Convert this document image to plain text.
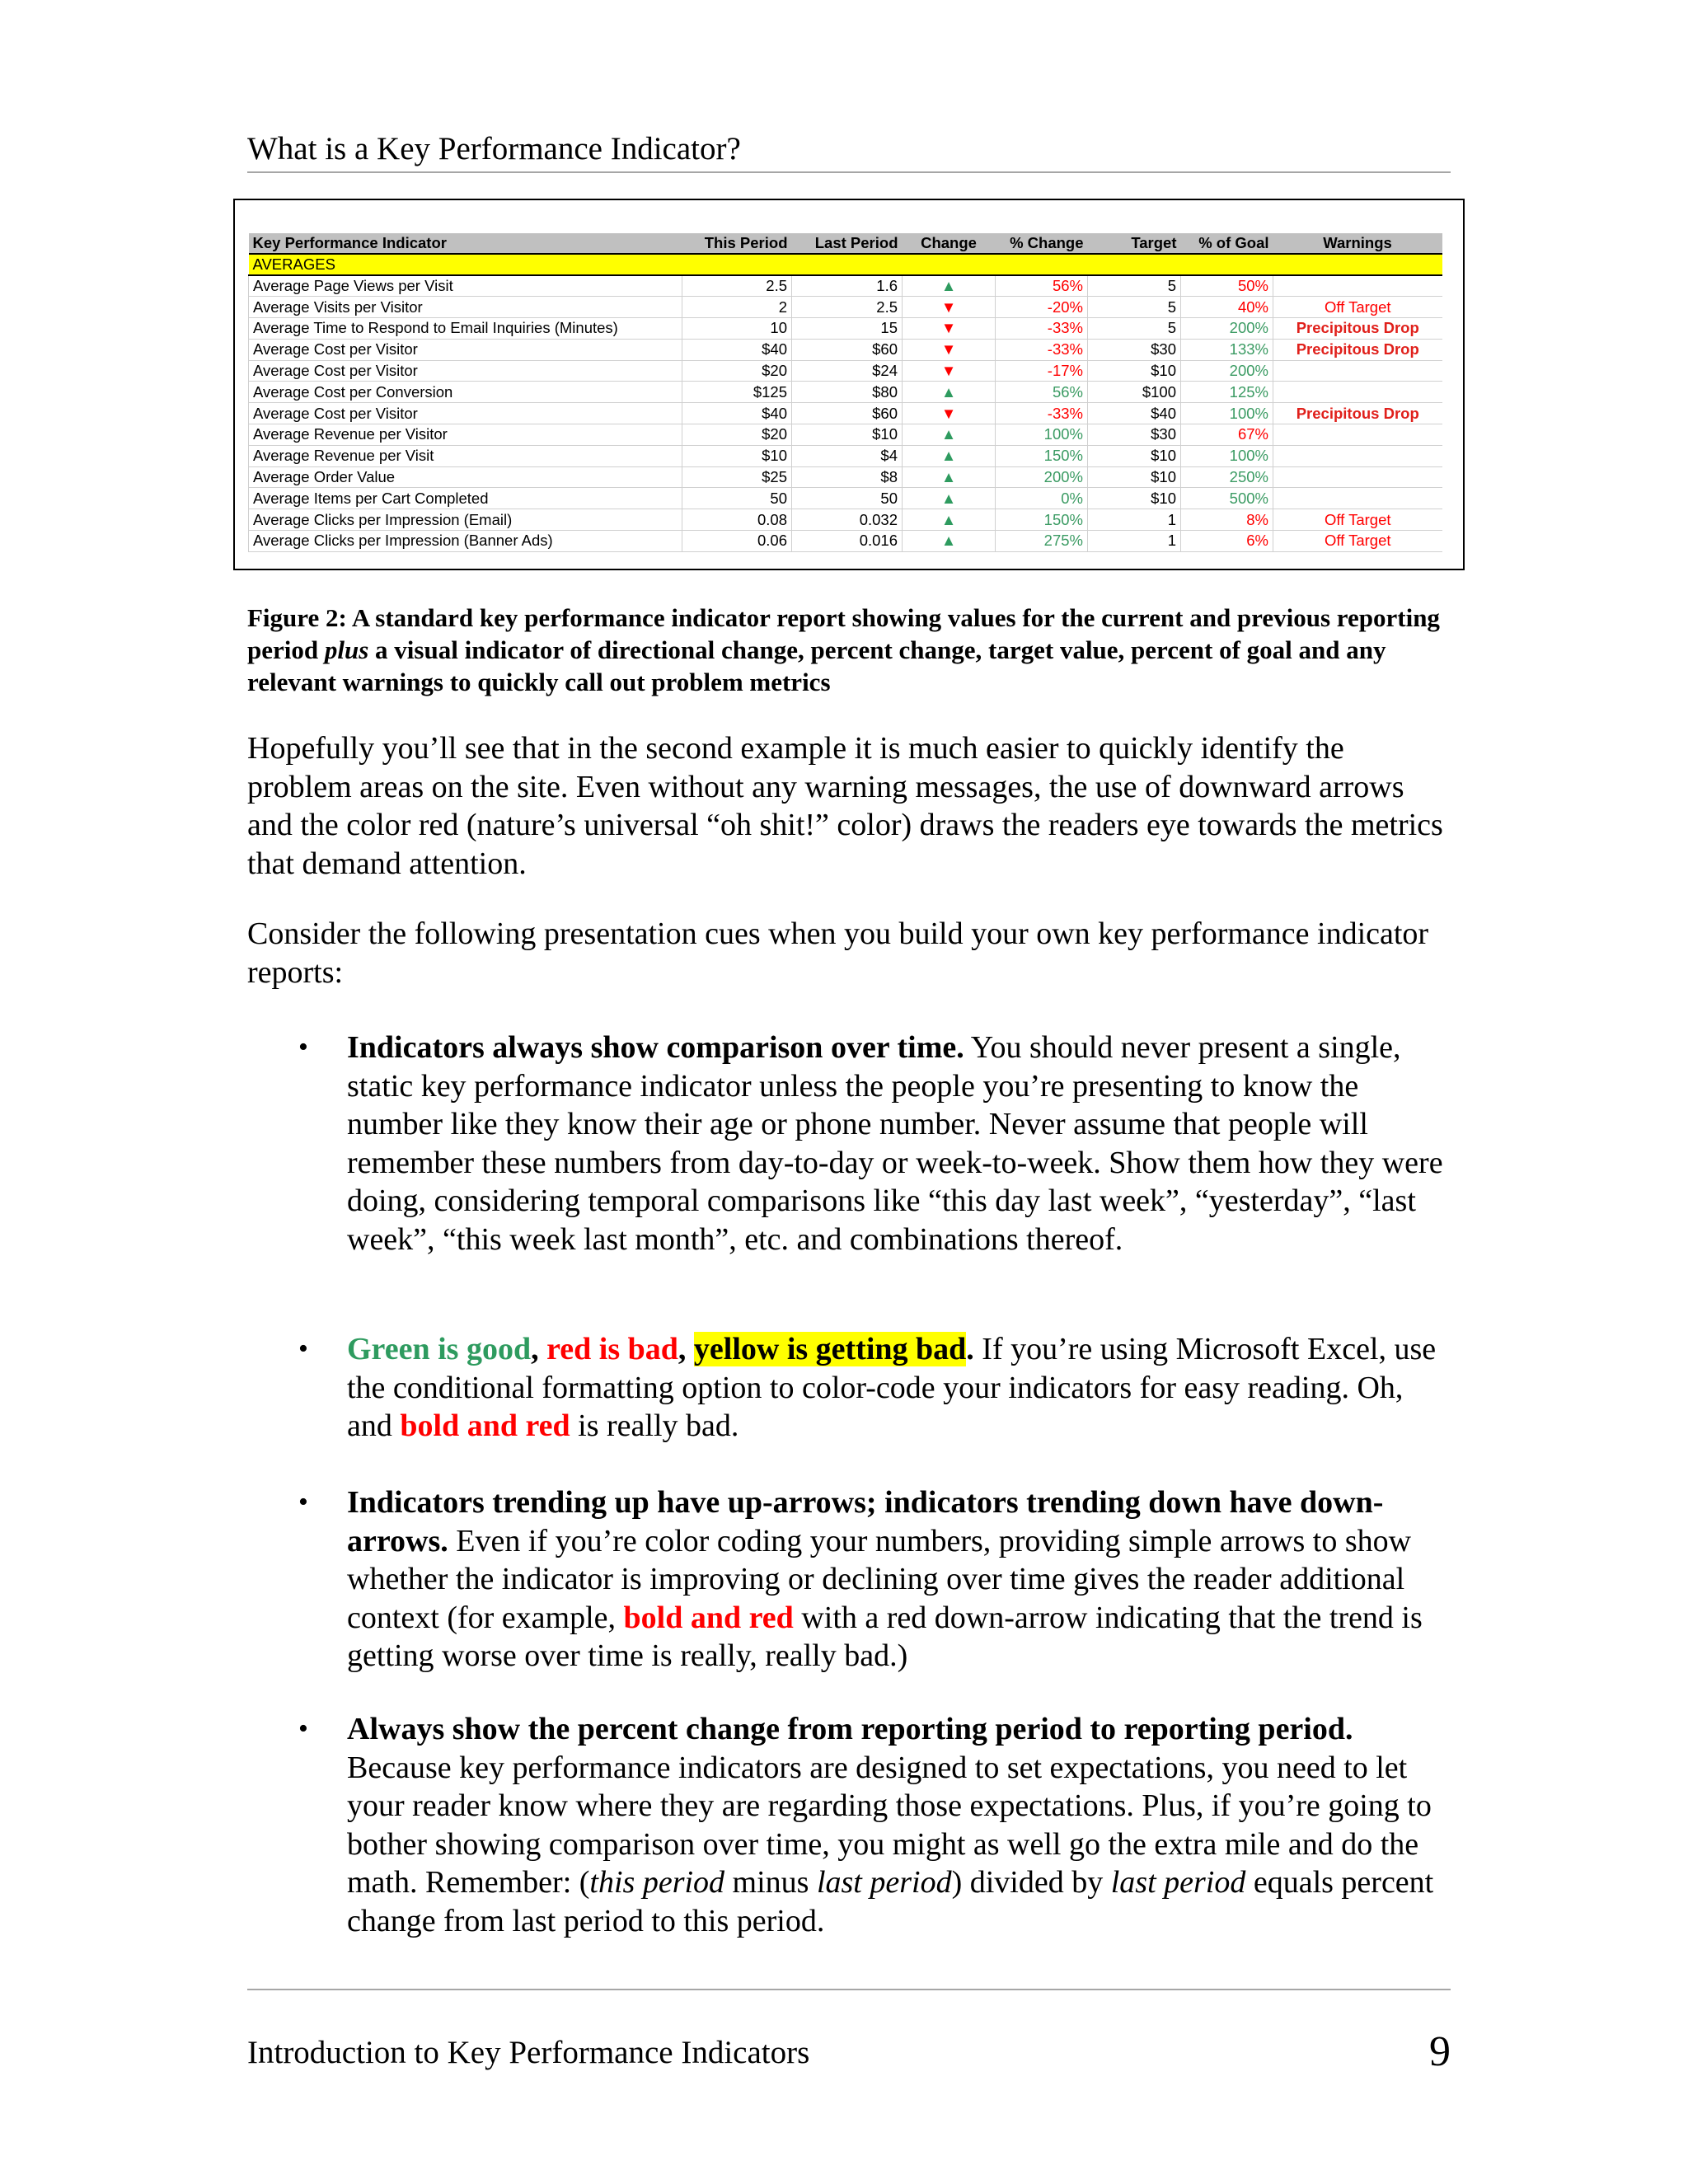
What is a Key Performance Indicator?
Key Performance Indicator	This Period	Last Period	Change	% Change	Target	% of Goal	Warnings
AVERAGES							
Average Page Views per Visit	2.5	1.6	▲	56%	5	50%	
Average Visits per Visitor	2	2.5	▼	-20%	5	40%	Off Target
Average Time to Respond to Email Inquiries (Minutes)	10	15	▼	-33%	5	200%	Precipitous Drop
Average Cost per Visitor	$40	$60	▼	-33%	$30	133%	Precipitous Drop
Average Cost per Visitor	$20	$24	▼	-17%	$10	200%	
Average Cost per Conversion	$125	$80	▲	56%	$100	125%	
Average Cost per Visitor	$40	$60	▼	-33%	$40	100%	Precipitous Drop
Average Revenue per Visitor	$20	$10	▲	100%	$30	67%	
Average Revenue per Visit	$10	$4	▲	150%	$10	100%	
Average Order Value	$25	$8	▲	200%	$10	250%	
Average Items per Cart Completed	50	50	▲	0%	$10	500%	
Average Clicks per Impression (Email)	0.08	0.032	▲	150%	1	8%	Off Target
Average Clicks per Impression (Banner Ads)	0.06	0.016	▲	275%	1	6%	Off Target
Figure 2: A standard key performance indicator report showing values for the current and previous reporting period plus a visual indicator of directional change, percent change, target value, percent of goal and any relevant warnings to quickly call out problem metrics
Hopefully you’ll see that in the second example it is much easier to quickly identify the problem areas on the site. Even without any warning messages, the use of downward arrows and the color red (nature’s universal “oh shit!” color) draws the readers eye towards the metrics that demand attention.
Consider the following presentation cues when you build your own key performance indicator reports:
• Indicators always show comparison over time. You should never present a single, static key performance indicator unless the people you’re presenting to know the number like they know their age or phone number. Never assume that people will remember these numbers from day-to-day or week-to-week. Show them how they were doing, considering temporal comparisons like “this day last week”, “yesterday”, “last week”, “this week last month”, etc. and combinations thereof.
• Green is good, red is bad, yellow is getting bad. If you’re using Microsoft Excel, use the conditional formatting option to color-code your indicators for easy reading. Oh, and bold and red is really bad.
• Indicators trending up have up-arrows; indicators trending down have down-arrows. Even if you’re color coding your numbers, providing simple arrows to show whether the indicator is improving or declining over time gives the reader additional context (for example, bold and red with a red down-arrow indicating that the trend is getting worse over time is really, really bad.)
• Always show the percent change from reporting period to reporting period. Because key performance indicators are designed to set expectations, you need to let your reader know where they are regarding those expectations. Plus, if you’re going to bother showing comparison over time, you might as well go the extra mile and do the math. Remember: (this period minus last period) divided by last period equals percent change from last period to this period.
Introduction to Key Performance Indicators	9
